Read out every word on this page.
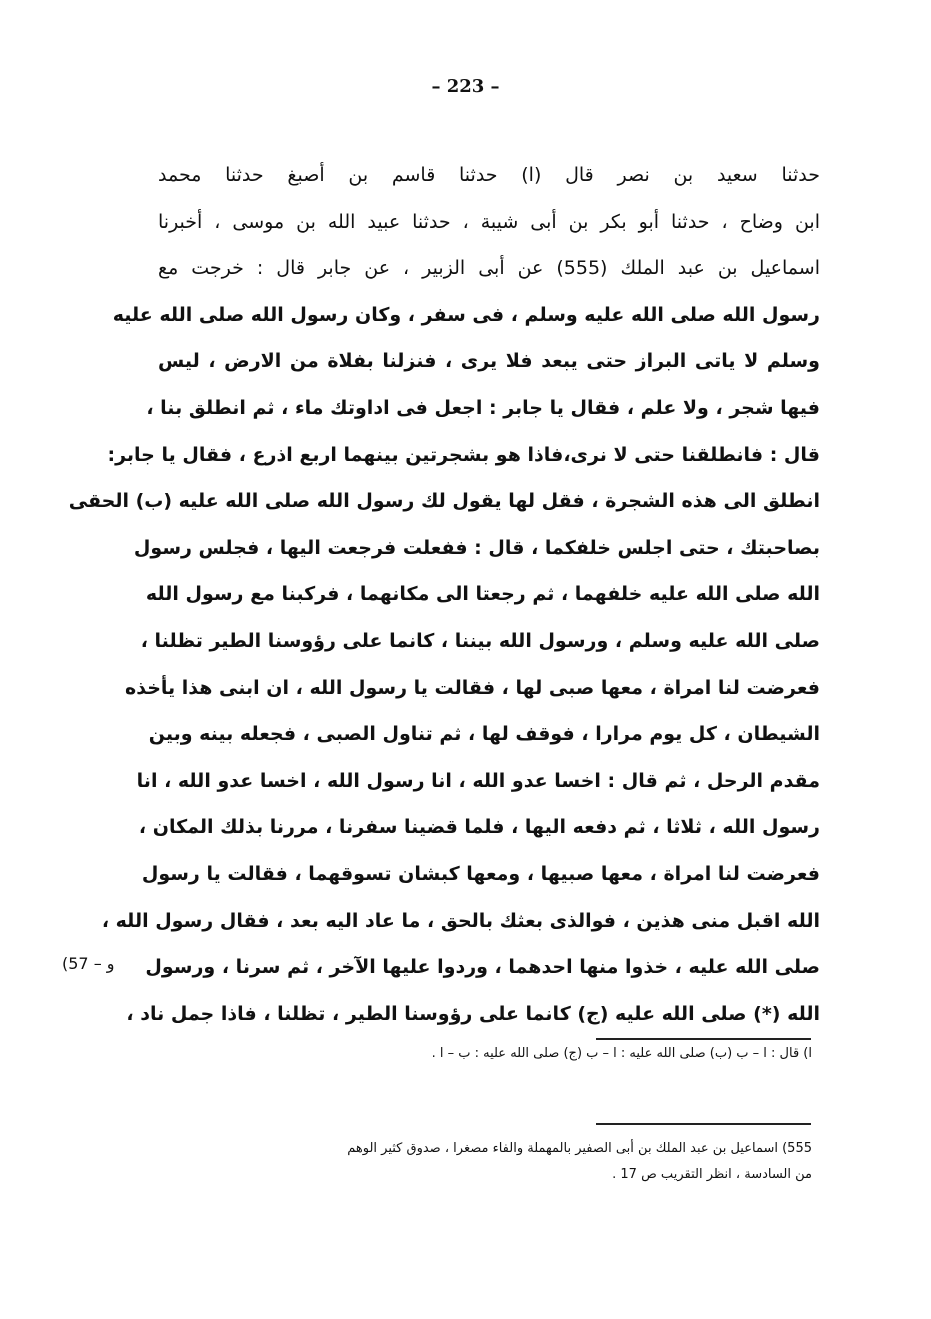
– 223 –
حدثنا سعيد بن نصر قال (ا) حدثنا قاسم بن أصبغ حدثنا محمد
ابن وضاح ، حدثنا أبو بكر بن أبى شيبة ، حدثنا عبيد الله بن موسى ، أخبرنا
اسماعيل بن عبد الملك (555) عن أبى الزبير ، عن جابر قال : خرجت مع
رسول الله صلى الله عليه وسلم ، فى سفر ، وكان رسول الله صلى الله عليه
وسلم لا ياتى البراز حتى يبعد فلا يرى ، فنزلنا بفلاة من الارض ، ليس
فيها شجر ، ولا علم ، فقال يا جابر : اجعل فى اداوتك ماء ، ثم انطلق بنا ،
قال : فانطلقنا حتى لا نرى،فاذا هو بشجرتين بينهما اربع اذرع ، فقال يا جابر:
انطلق الى هذه الشجرة ، فقل لها يقول لك رسول الله صلى الله عليه (ب) الحقى
بصاحبتك ، حتى اجلس خلفكما ، قال : ففعلت فرجعت اليها ، فجلس رسول
الله صلى الله عليه خلفهما ، ثم رجعتا الى مكانهما ، فركبنا مع رسول الله
صلى الله عليه وسلم ، ورسول الله بيننا ، كانما على رؤوسنا الطير تظلنا ،
فعرضت لنا امراة ، معها صبى لها ، فقالت يا رسول الله ، ان ابنى هذا يأخذه
الشيطان ، كل يوم مرارا ، فوقف لها ، ثم تناول الصبى ، فجعله بينه وبين
مقدم الرحل ، ثم قال : اخسا عدو الله ، انا رسول الله ، اخسا عدو الله ، انا
رسول الله ، ثلاثا ، ثم دفعه اليها ، فلما قضينا سفرنا ، مررنا بذلك المكان ،
فعرضت لنا امراة ، معها صبيها ، ومعها كبشان تسوقهما ، فقالت يا رسول
الله اقبل منى هذين ، فوالذى بعثك بالحق ، ما عاد اليه بعد ، فقال رسول الله ،
صلى الله عليه ، خذوا منها احدهما ، وردوا عليها الآخر ، ثم سرنا ، ورسول
الله (*) صلى الله عليه (ج) كانما على رؤوسنا الطير ، تظلنا ، فاذا جمل ناد ،
(57 – و
ا) قال : ا – ب (ب) صلى الله عليه : ا – ب (ج) صلى الله عليه : ب – ا .
555) اسماعيل بن عبد الملك بن أبى الصفير بالمهملة والفاء مصغرا ، صدوق كثير الوهم
من السادسة ، انظر التقريب ص 17 .
